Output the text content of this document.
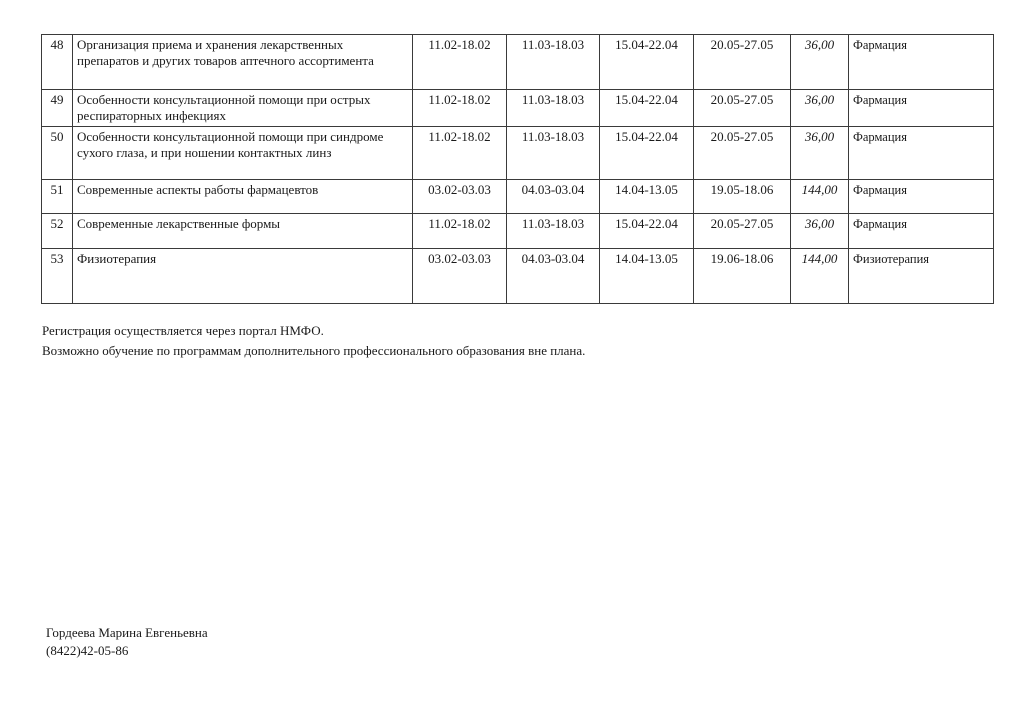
48	Организация приема и хранения лекарственных препаратов и других товаров аптечного ассортимента	11.02-18.02	11.03-18.03	15.04-22.04	20.05-27.05	36,00	Фармация
49	Особенности консультационной помощи при острых респираторных инфекциях	11.02-18.02	11.03-18.03	15.04-22.04	20.05-27.05	36,00	Фармация
50	Особенности консультационной помощи при синдроме сухого глаза, и при ношении контактных линз	11.02-18.02	11.03-18.03	15.04-22.04	20.05-27.05	36,00	Фармация
51	Современные аспекты работы фармацевтов	03.02-03.03	04.03-03.04	14.04-13.05	19.05-18.06	144,00	Фармация
52	Современные лекарственные формы	11.02-18.02	11.03-18.03	15.04-22.04	20.05-27.05	36,00	Фармация
53	Физиотерапия	03.02-03.03	04.03-03.04	14.04-13.05	19.06-18.06	144,00	Физиотерапия

Регистрация осуществляется через портал НМФО.

Возможно обучение по программам дополнительного профессионального образования вне плана.

Гордеева Марина Евгеньевна

(8422)42-05-86
